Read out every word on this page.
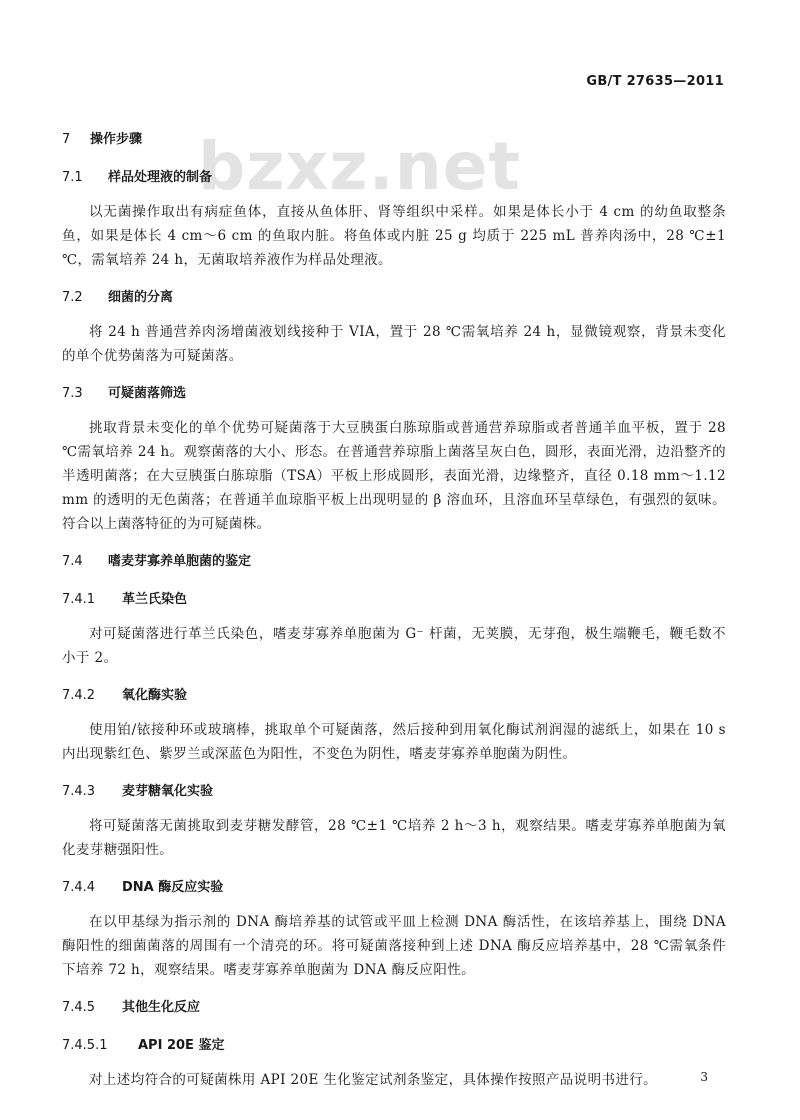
GB/T 27635—2011
bzxz.net
7 操作步骤
7.1 样品处理液的制备

以无菌操作取出有病症鱼体，直接从鱼体肝、肾等组织中采样。如果是体长小于 4 cm 的幼鱼取整条鱼，如果是体长 4 cm～6 cm 的鱼取内脏。将鱼体或内脏 25 g 均质于 225 mL 普养肉汤中，28 ℃±1 ℃，需氧培养 24 h，无菌取培养液作为样品处理液。

7.2 细菌的分离

将 24 h 普通营养肉汤增菌液划线接种于 VIA，置于 28 ℃需氧培养 24 h，显微镜观察，背景未变化的单个优势菌落为可疑菌落。

7.3 可疑菌落筛选

挑取背景未变化的单个优势可疑菌落于大豆胰蛋白胨琼脂或普通营养琼脂或者普通羊血平板，置于 28 ℃需氧培养 24 h。观察菌落的大小、形态。在普通营养琼脂上菌落呈灰白色，圆形，表面光滑，边沿整齐的半透明菌落；在大豆胰蛋白胨琼脂（TSA）平板上形成圆形，表面光滑，边缘整齐，直径 0.18 mm～1.12 mm 的透明的无色菌落；在普通羊血琼脂平板上出现明显的 β 溶血环，且溶血环呈草绿色，有强烈的氨味。符合以上菌落特征的为可疑菌株。

7.4 嗜麦芽寡养单胞菌的鉴定
7.4.1 革兰氏染色

对可疑菌落进行革兰氏染色，嗜麦芽寡养单胞菌为 G⁻ 杆菌，无荚膜，无芽孢，极生端鞭毛，鞭毛数不小于 2。

7.4.2 氧化酶实验

使用铂/铱接种环或玻璃棒，挑取单个可疑菌落，然后接种到用氧化酶试剂润湿的滤纸上，如果在 10 s 内出现紫红色、紫罗兰或深蓝色为阳性，不变色为阴性，嗜麦芽寡养单胞菌为阴性。

7.4.3 麦芽糖氧化实验

将可疑菌落无菌挑取到麦芽糖发酵管，28 ℃±1 ℃培养 2 h～3 h，观察结果。嗜麦芽寡养单胞菌为氧化麦芽糖强阳性。

7.4.4 DNA 酶反应实验

在以甲基绿为指示剂的 DNA 酶培养基的试管或平皿上检测 DNA 酶活性，在该培养基上，围绕 DNA 酶阳性的细菌菌落的周围有一个清亮的环。将可疑菌落接种到上述 DNA 酶反应培养基中，28 ℃需氧条件下培养 72 h，观察结果。嗜麦芽寡养单胞菌为 DNA 酶反应阳性。

7.4.5 其他生化反应
7.4.5.1 API 20E 鉴定

对上述均符合的可疑菌株用 API 20E 生化鉴定试剂条鉴定，具体操作按照产品说明书进行。	3
